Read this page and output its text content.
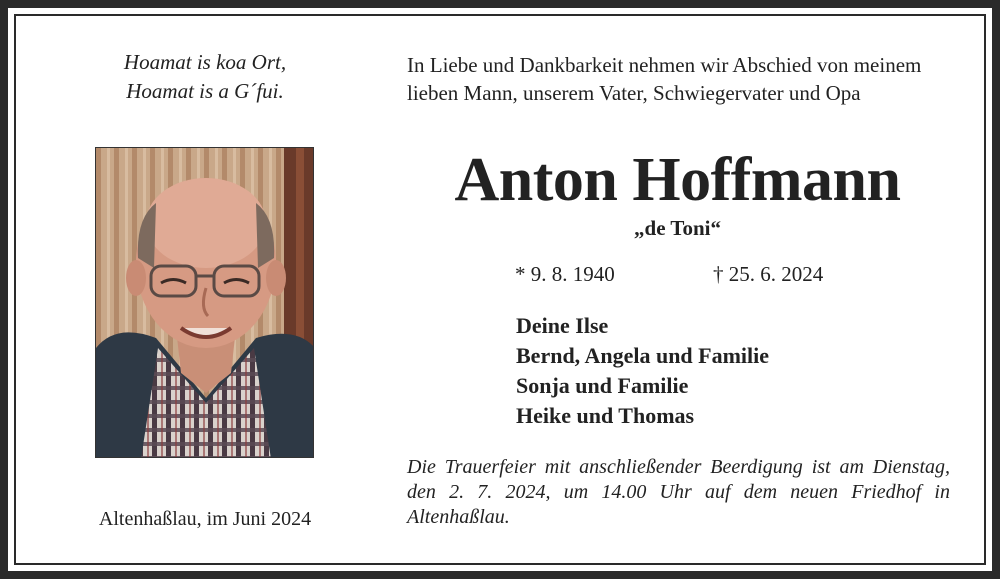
Hoamat is koa Ort,
Hoamat is a G´fui.
Altenhaßlau, im Juni 2024
In Liebe und Dankbarkeit nehmen wir Abschied von meinem lieben Mann, unserem Vater, Schwiegervater und Opa
Anton Hoffmann
„de Toni“
* 9. 8. 1940	† 25. 6. 2024
Deine Ilse
Bernd, Angela und Familie
Sonja und Familie
Heike und Thomas
Die Trauerfeier mit anschließender Beerdigung ist am Dienstag, den 2. 7. 2024, um 14.00 Uhr auf dem neuen Friedhof in Altenhaßlau.
